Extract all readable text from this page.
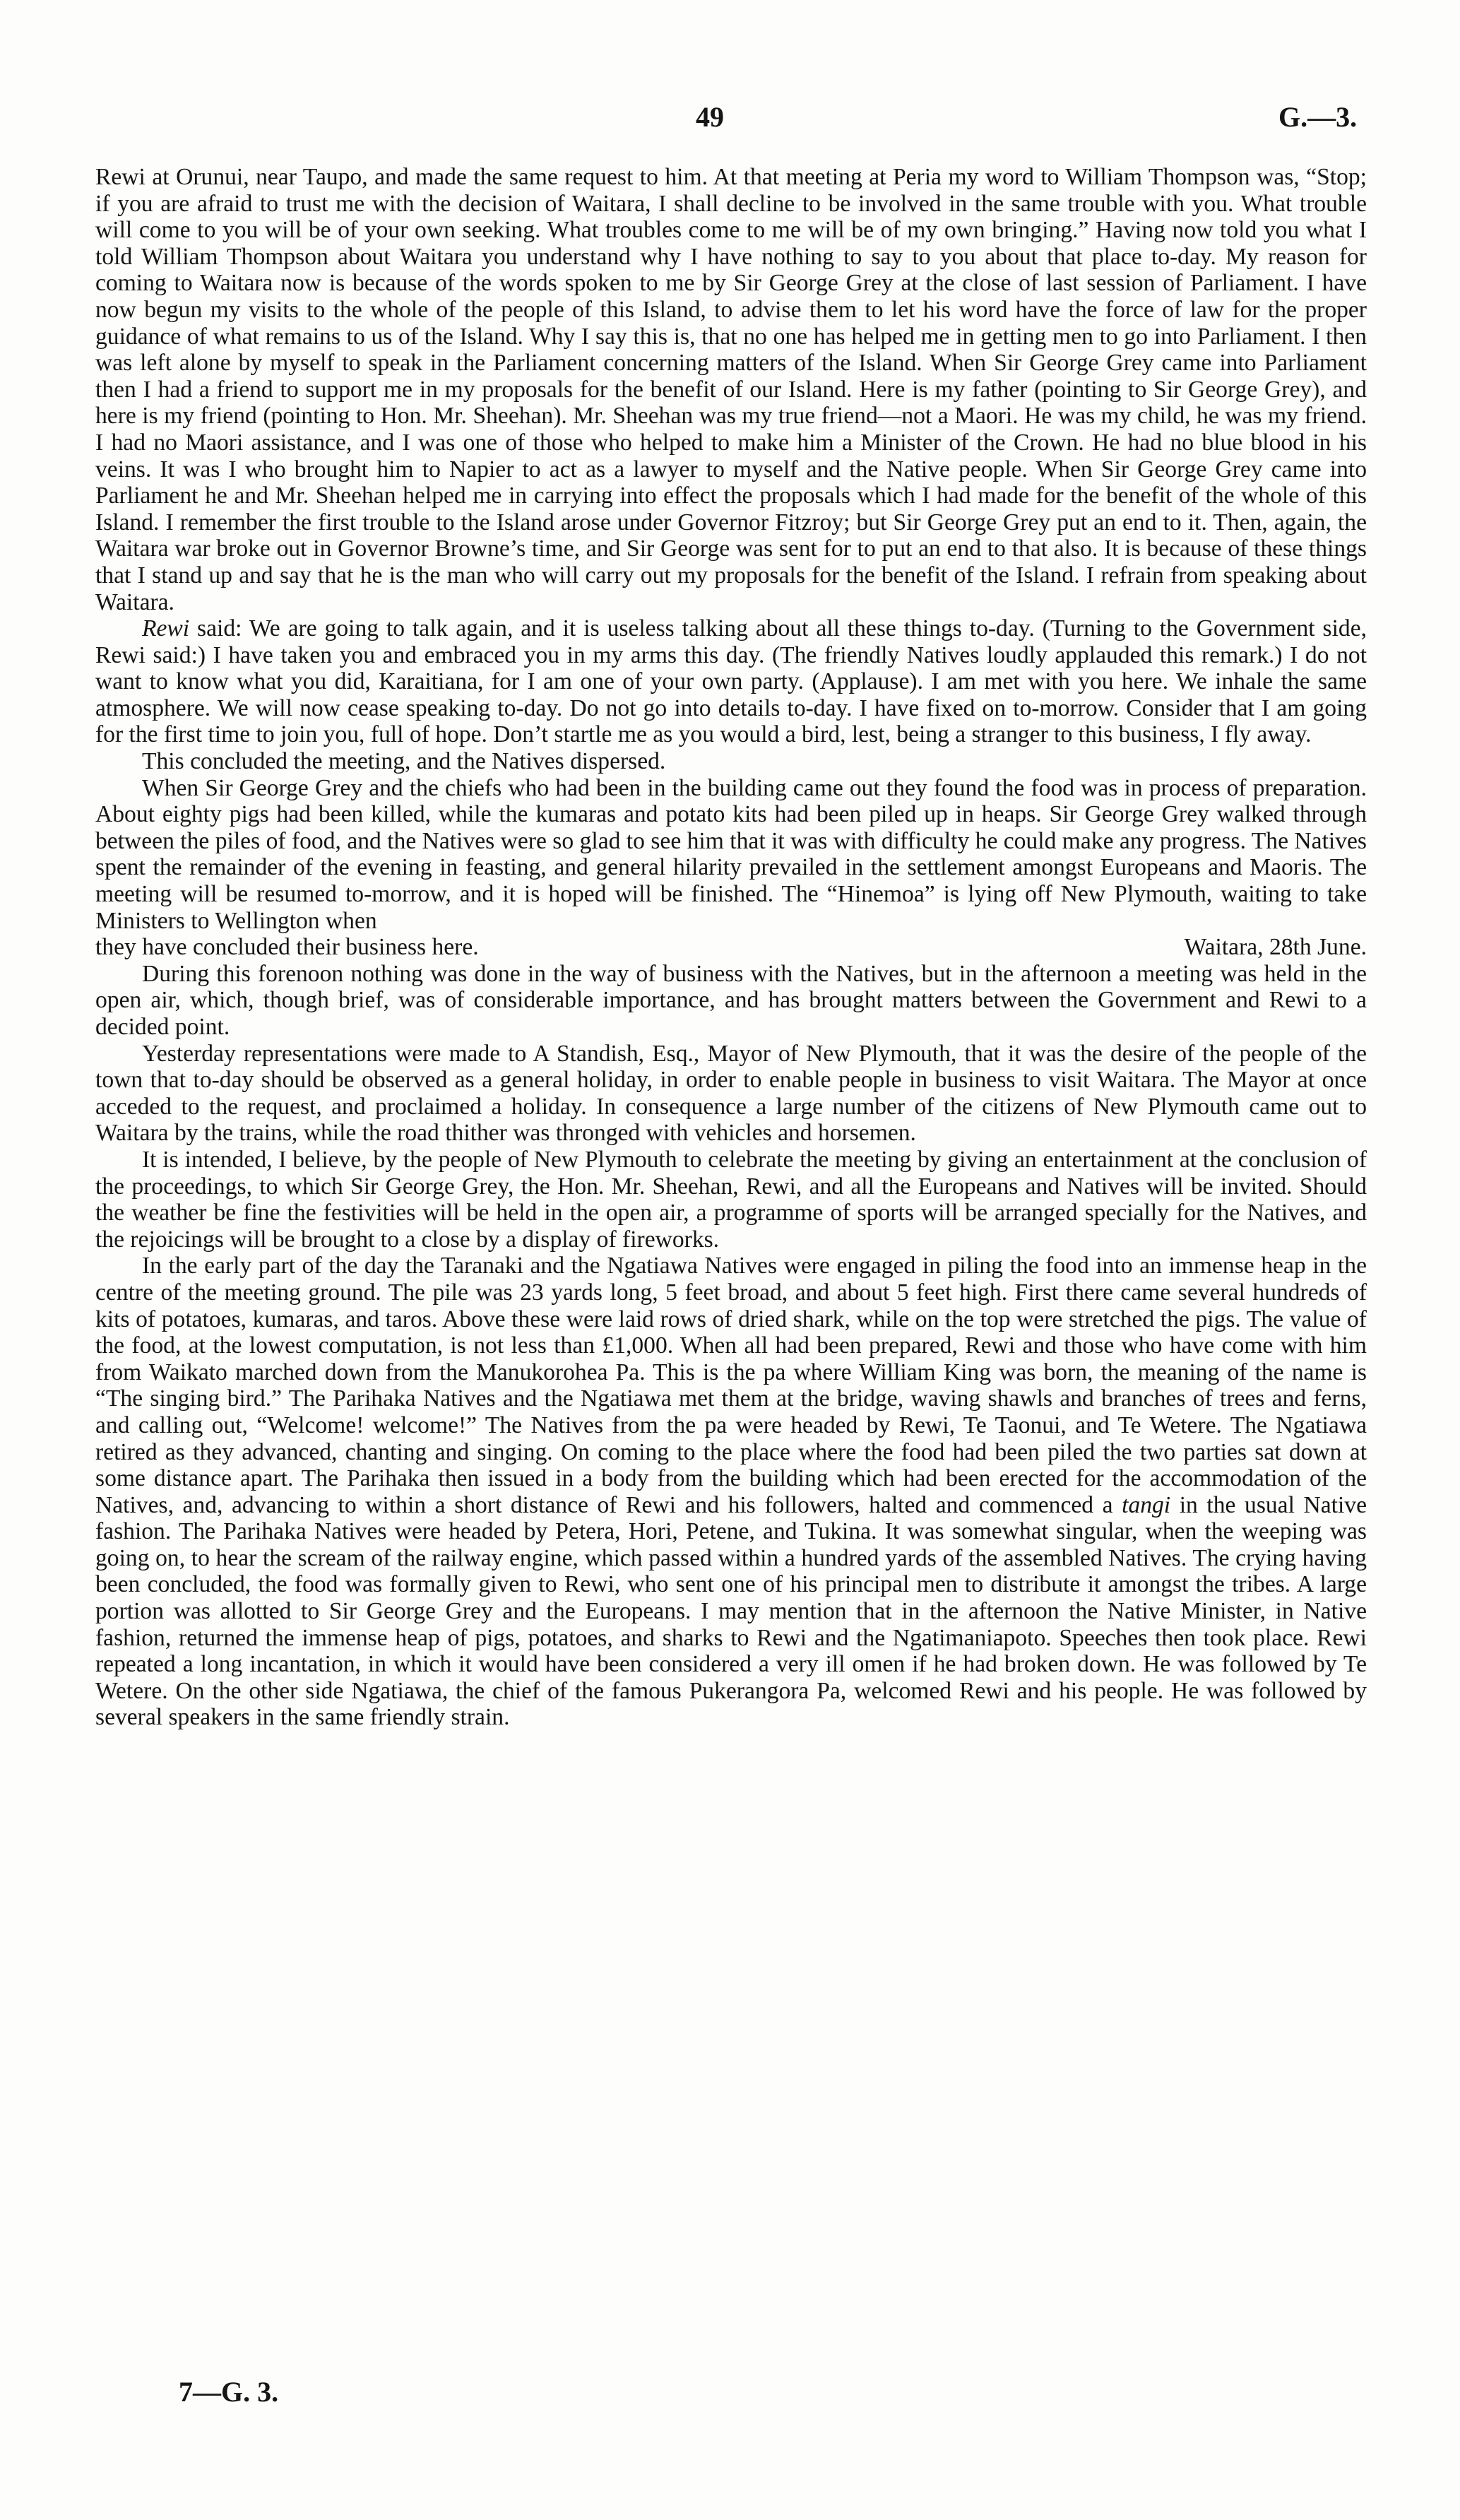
49	G.—3.

Rewi at Orunui, near Taupo, and made the same request to him. At that meeting at Peria my word to William Thompson was, “Stop; if you are afraid to trust me with the decision of Waitara, I shall decline to be involved in the same trouble with you. What trouble will come to you will be of your own seeking. What troubles come to me will be of my own bringing.” Having now told you what I told William Thompson about Waitara you understand why I have nothing to say to you about that place to-day. My reason for coming to Waitara now is because of the words spoken to me by Sir George Grey at the close of last session of Parliament. I have now begun my visits to the whole of the people of this Island, to advise them to let his word have the force of law for the proper guidance of what remains to us of the Island. Why I say this is, that no one has helped me in getting men to go into Parliament. I then was left alone by myself to speak in the Parliament concerning matters of the Island. When Sir George Grey came into Parliament then I had a friend to support me in my proposals for the benefit of our Island. Here is my father (pointing to Sir George Grey), and here is my friend (pointing to Hon. Mr. Sheehan). Mr. Sheehan was my true friend—not a Maori. He was my child, he was my friend. I had no Maori assistance, and I was one of those who helped to make him a Minister of the Crown. He had no blue blood in his veins. It was I who brought him to Napier to act as a lawyer to myself and the Native people. When Sir George Grey came into Parliament he and Mr. Sheehan helped me in carrying into effect the proposals which I had made for the benefit of the whole of this Island. I remember the first trouble to the Island arose under Governor Fitzroy; but Sir George Grey put an end to it. Then, again, the Waitara war broke out in Governor Browne’s time, and Sir George was sent for to put an end to that also. It is because of these things that I stand up and say that he is the man who will carry out my proposals for the benefit of the Island. I refrain from speaking about Waitara.

Rewi said: We are going to talk again, and it is useless talking about all these things to-day. (Turning to the Government side, Rewi said:) I have taken you and embraced you in my arms this day. (The friendly Natives loudly applauded this remark.) I do not want to know what you did, Karaitiana, for I am one of your own party. (Applause). I am met with you here. We inhale the same atmosphere. We will now cease speaking to-day. Do not go into details to-day. I have fixed on to-morrow. Consider that I am going for the first time to join you, full of hope. Don’t startle me as you would a bird, lest, being a stranger to this business, I fly away.

This concluded the meeting, and the Natives dispersed.

When Sir George Grey and the chiefs who had been in the building came out they found the food was in process of preparation. About eighty pigs had been killed, while the kumaras and potato kits had been piled up in heaps. Sir George Grey walked through between the piles of food, and the Natives were so glad to see him that it was with difficulty he could make any progress. The Natives spent the remainder of the evening in feasting, and general hilarity prevailed in the settlement amongst Europeans and Maoris. The meeting will be resumed to-morrow, and it is hoped will be finished. The “Hinemoa” is lying off New Plymouth, waiting to take Ministers to Wellington when

they have concluded their business here.	Waitara, 28th June.

During this forenoon nothing was done in the way of business with the Natives, but in the afternoon a meeting was held in the open air, which, though brief, was of considerable importance, and has brought matters between the Government and Rewi to a decided point.

Yesterday representations were made to A Standish, Esq., Mayor of New Plymouth, that it was the desire of the people of the town that to-day should be observed as a general holiday, in order to enable people in business to visit Waitara. The Mayor at once acceded to the request, and proclaimed a holiday. In consequence a large number of the citizens of New Plymouth came out to Waitara by the trains, while the road thither was thronged with vehicles and horsemen.

It is intended, I believe, by the people of New Plymouth to celebrate the meeting by giving an entertainment at the conclusion of the proceedings, to which Sir George Grey, the Hon. Mr. Sheehan, Rewi, and all the Europeans and Natives will be invited. Should the weather be fine the festivities will be held in the open air, a programme of sports will be arranged specially for the Natives, and the rejoicings will be brought to a close by a display of fireworks.

In the early part of the day the Taranaki and the Ngatiawa Natives were engaged in piling the food into an immense heap in the centre of the meeting ground. The pile was 23 yards long, 5 feet broad, and about 5 feet high. First there came several hundreds of kits of potatoes, kumaras, and taros. Above these were laid rows of dried shark, while on the top were stretched the pigs. The value of the food, at the lowest computation, is not less than £1,000. When all had been prepared, Rewi and those who have come with him from Waikato marched down from the Manukorohea Pa. This is the pa where William King was born, the meaning of the name is “The singing bird.” The Parihaka Natives and the Ngatiawa met them at the bridge, waving shawls and branches of trees and ferns, and calling out, “Welcome! welcome!” The Natives from the pa were headed by Rewi, Te Taonui, and Te Wetere. The Ngatiawa retired as they advanced, chanting and singing. On coming to the place where the food had been piled the two parties sat down at some distance apart. The Parihaka then issued in a body from the building which had been erected for the accommodation of the Natives, and, advancing to within a short distance of Rewi and his followers, halted and commenced a tangi in the usual Native fashion. The Parihaka Natives were headed by Petera, Hori, Petene, and Tukina. It was somewhat singular, when the weeping was going on, to hear the scream of the railway engine, which passed within a hundred yards of the assembled Natives. The crying having been concluded, the food was formally given to Rewi, who sent one of his principal men to distribute it amongst the tribes. A large portion was allotted to Sir George Grey and the Europeans. I may mention that in the afternoon the Native Minister, in Native fashion, returned the immense heap of pigs, potatoes, and sharks to Rewi and the Ngatimaniapoto. Speeches then took place. Rewi repeated a long incantation, in which it would have been considered a very ill omen if he had broken down. He was followed by Te Wetere. On the other side Ngatiawa, the chief of the famous Pukerangora Pa, welcomed Rewi and his people. He was followed by several speakers in the same friendly strain.

7—G. 3.
